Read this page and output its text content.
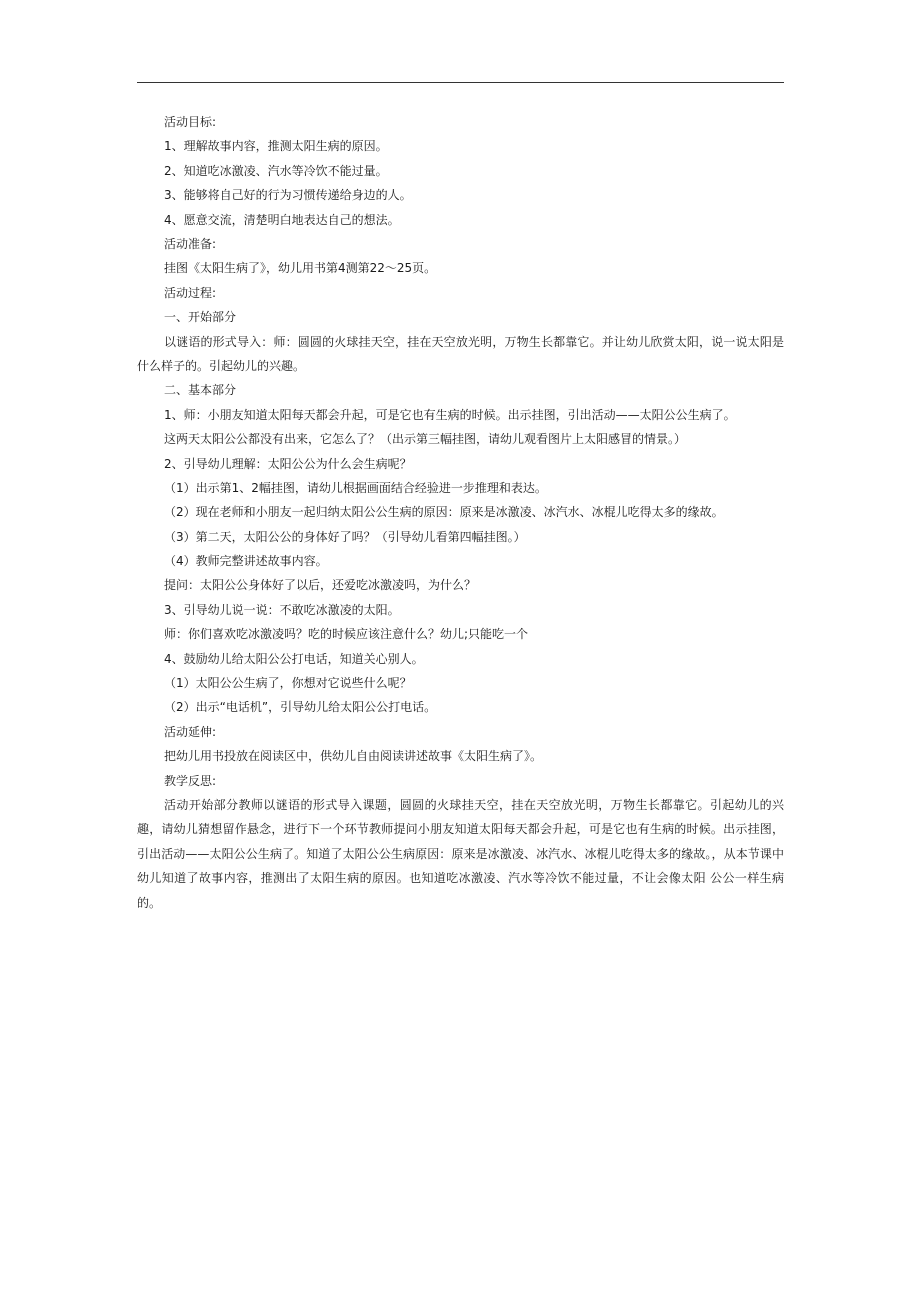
活动目标:
1、理解故事内容，推测太阳生病的原因。
2、知道吃冰激凌、汽水等冷饮不能过量。
3、能够将自己好的行为习惯传递给身边的人。
4、愿意交流，清楚明白地表达自己的想法。
活动准备:
挂图《太阳生病了》，幼儿用书第4测第22～25页。
活动过程:
一、开始部分

以谜语的形式导入：师：圆圆的火球挂天空，挂在天空放光明，万物生长都靠它。并让幼儿欣赏太阳，说一说太阳是什么样子的。引起幼儿的兴趣。

二、基本部分
1、师：小朋友知道太阳每天都会升起，可是它也有生病的时候。出示挂图，引出活动——太阳公公生病了。
这两天太阳公公都没有出来，它怎么了？（出示第三幅挂图，请幼儿观看图片上太阳感冒的情景。）
2、引导幼儿理解：太阳公公为什么会生病呢？
（1）出示第1、2幅挂图，请幼儿根据画面结合经验进一步推理和表达。
（2）现在老师和小朋友一起归纳太阳公公生病的原因：原来是冰激凌、冰汽水、冰棍儿吃得太多的缘故。
（3）第二天，太阳公公的身体好了吗？（引导幼儿看第四幅挂图。）
（4）教师完整讲述故事内容。
提问：太阳公公身体好了以后，还爱吃冰激凌吗，为什么？
3、引导幼儿说一说：不敢吃冰激凌的太阳。
师：你们喜欢吃冰激凌吗？吃的时候应该注意什么？幼儿;只能吃一个
4、鼓励幼儿给太阳公公打电话，知道关心别人。
（1）太阳公公生病了，你想对它说些什么呢？
（2）出示“电话机”，引导幼儿给太阳公公打电话。
活动延伸:
把幼儿用书投放在阅读区中，供幼儿自由阅读讲述故事《太阳生病了》。
教学反思:

活动开始部分教师以谜语的形式导入课题，圆圆的火球挂天空，挂在天空放光明，万物生长都靠它。引起幼儿的兴趣，请幼儿猜想留作悬念，进行下一个环节教师提问小朋友知道太阳每天都会升起，可是它也有生病的时候。出示挂图，引出活动——太阳公公生病了。知道了太阳公公生病原因：原来是冰激凌、冰汽水、冰棍儿吃得太多的缘故。，从本节课中幼儿知道了故事内容，推测出了太阳生病的原因。也知道吃冰激凌、汽水等冷饮不能过量，不让会像太阳 公公一样生病的。
